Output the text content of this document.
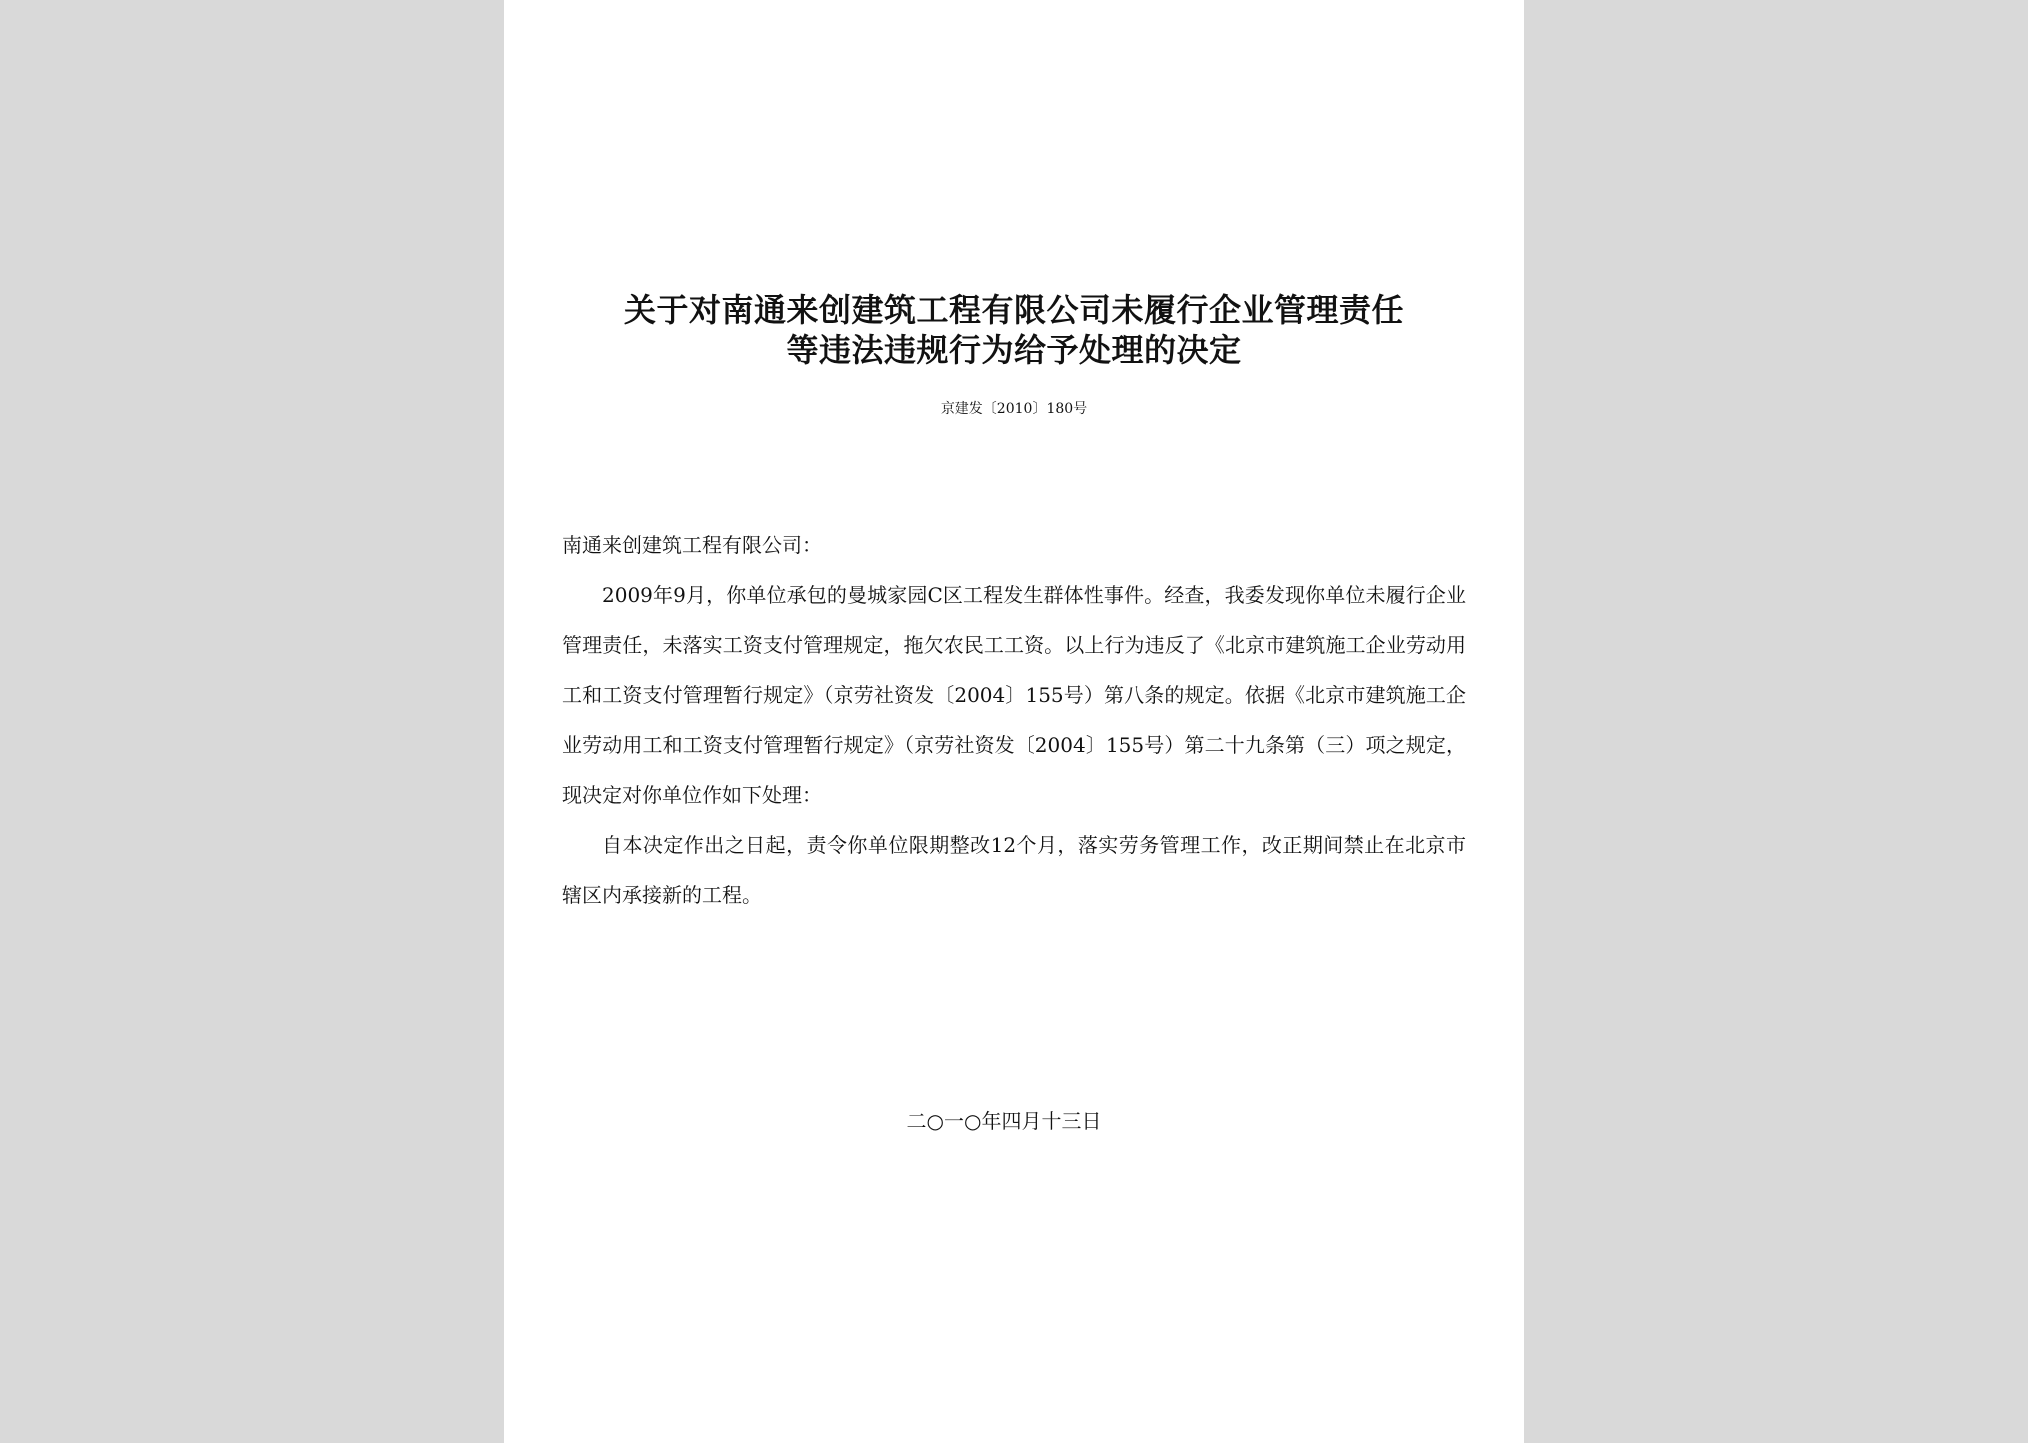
关于对南通来创建筑工程有限公司未履行企业管理责任
等违法违规行为给予处理的决定
京建发〔2010〕180号

南通来创建筑工程有限公司：

2009年9月，你单位承包的曼城家园C区工程发生群体性事件。经查，我委发现你单位未履行企业管理责任，未落实工资支付管理规定，拖欠农民工工资。以上行为违反了《北京市建筑施工企业劳动用工和工资支付管理暂行规定》（京劳社资发〔2004〕155号）第八条的规定。依据《北京市建筑施工企业劳动用工和工资支付管理暂行规定》（京劳社资发〔2004〕155号）第二十九条第（三）项之规定，现决定对你单位作如下处理：

自本决定作出之日起，责令你单位限期整改12个月，落实劳务管理工作，改正期间禁止在北京市辖区内承接新的工程。

二○一○年四月十三日
